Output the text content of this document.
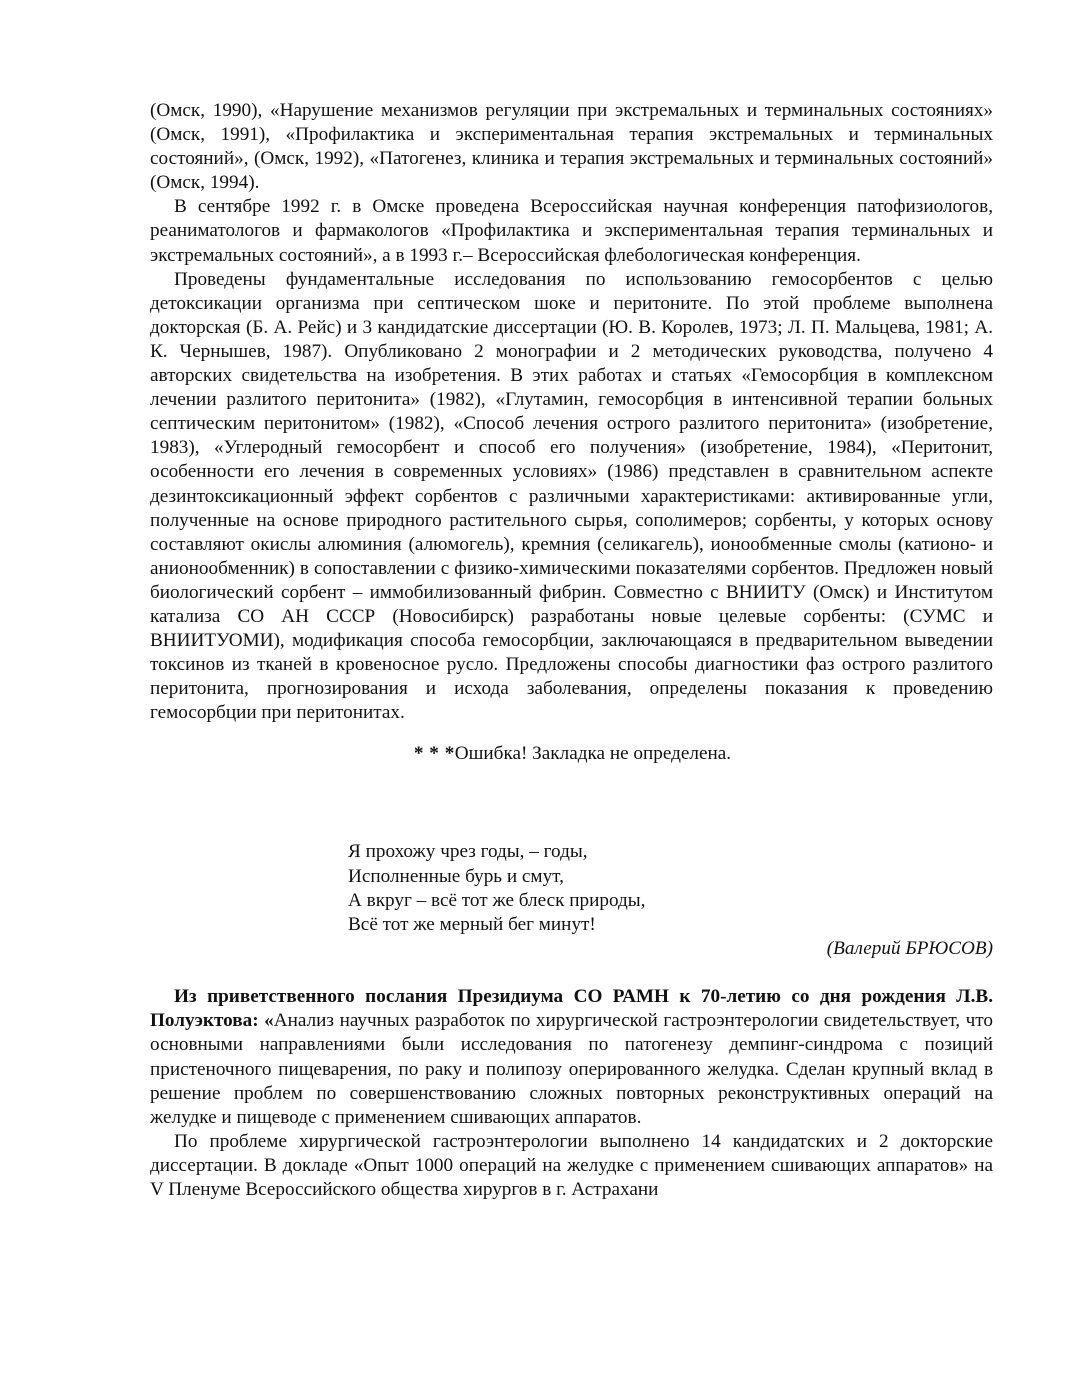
(Омск, 1990), «Нарушение механизмов регуляции при экстремальных и терминальных состояниях» (Омск, 1991), «Профилактика и экспериментальная терапия экстремальных и терминальных состояний», (Омск, 1992), «Патогенез, клиника и терапия экстремальных и терминальных состояний» (Омск, 1994).

В сентябре 1992 г. в Омске проведена Всероссийская научная конференция патофизиологов, реаниматологов и фармакологов «Профилактика и экспериментальная терапия терминальных и экстремальных состояний», а в 1993 г.– Всероссийская флебологическая конференция.

Проведены фундаментальные исследования по использованию гемосорбентов с целью детоксикации организма при септическом шоке и перитоните. По этой проблеме выполнена докторская (Б. А. Рейс) и 3 кандидатские диссертации (Ю. В. Королев, 1973; Л. П. Мальцева, 1981; А. К. Чернышев, 1987). Опубликовано 2 монографии и 2 методических руководства, получено 4 авторских свидетельства на изобретения. В этих работах и статьях «Гемосорбция в комплексном лечении разлитого перитонита» (1982), «Глутамин, гемосорбция в интенсивной терапии больных септическим перитонитом» (1982), «Способ лечения острого разлитого перитонита» (изобретение, 1983), «Углеродный гемосорбент и способ его получения» (изобретение, 1984), «Перитонит, особенности его лечения в современных условиях» (1986) представлен в сравнительном аспекте дезинтоксикационный эффект сорбентов с различными характеристиками: активированные угли, полученные на основе природного растительного сырья, сополимеров; сорбенты, у которых основу составляют окислы алюминия (алюмогель), кремния (селикагель), ионообменные смолы (катионо- и анионообменник) в сопоставлении с физико-химическими показателями сорбентов. Предложен новый биологический сорбент – иммобилизованный фибрин. Совместно с ВНИИТУ (Омск) и Институтом катализа СО АН СССР (Новосибирск) разработаны новые целевые сорбенты: (СУМС и ВНИИТУОМИ), модификация способа гемосорбции, заключающаяся в предварительном выведении токсинов из тканей в кровеносное русло. Предложены способы диагностики фаз острого разлитого перитонита, прогнозирования и исхода заболевания, определены показания к проведению гемосорбции при перитонитах.

* * *Ошибка! Закладка не определена.
Я прохожу чрез годы, – годы,
Исполненные бурь и смут,
А вкруг – всё тот же блеск природы,
Всё тот же мерный бег минут!
(Валерий БРЮСОВ)

Из приветственного послания Президиума СО РАМН к 70-летию со дня рождения Л.В. Полуэктова: «Анализ научных разработок по хирургической гастроэнтерологии свидетельствует, что основными направлениями были исследования по патогенезу демпинг-синдрома с позиций пристеночного пищеварения, по раку и полипозу оперированного желудка. Сделан крупный вклад в решение проблем по совершенствованию сложных повторных реконструктивных операций на желудке и пищеводе с применением сшивающих аппаратов.

По проблеме хирургической гастроэнтерологии выполнено 14 кандидатских и 2 докторские диссертации. В докладе «Опыт 1000 операций на желудке с применением сшивающих аппаратов» на V Пленуме Всероссийского общества хирургов в г. Астрахани
